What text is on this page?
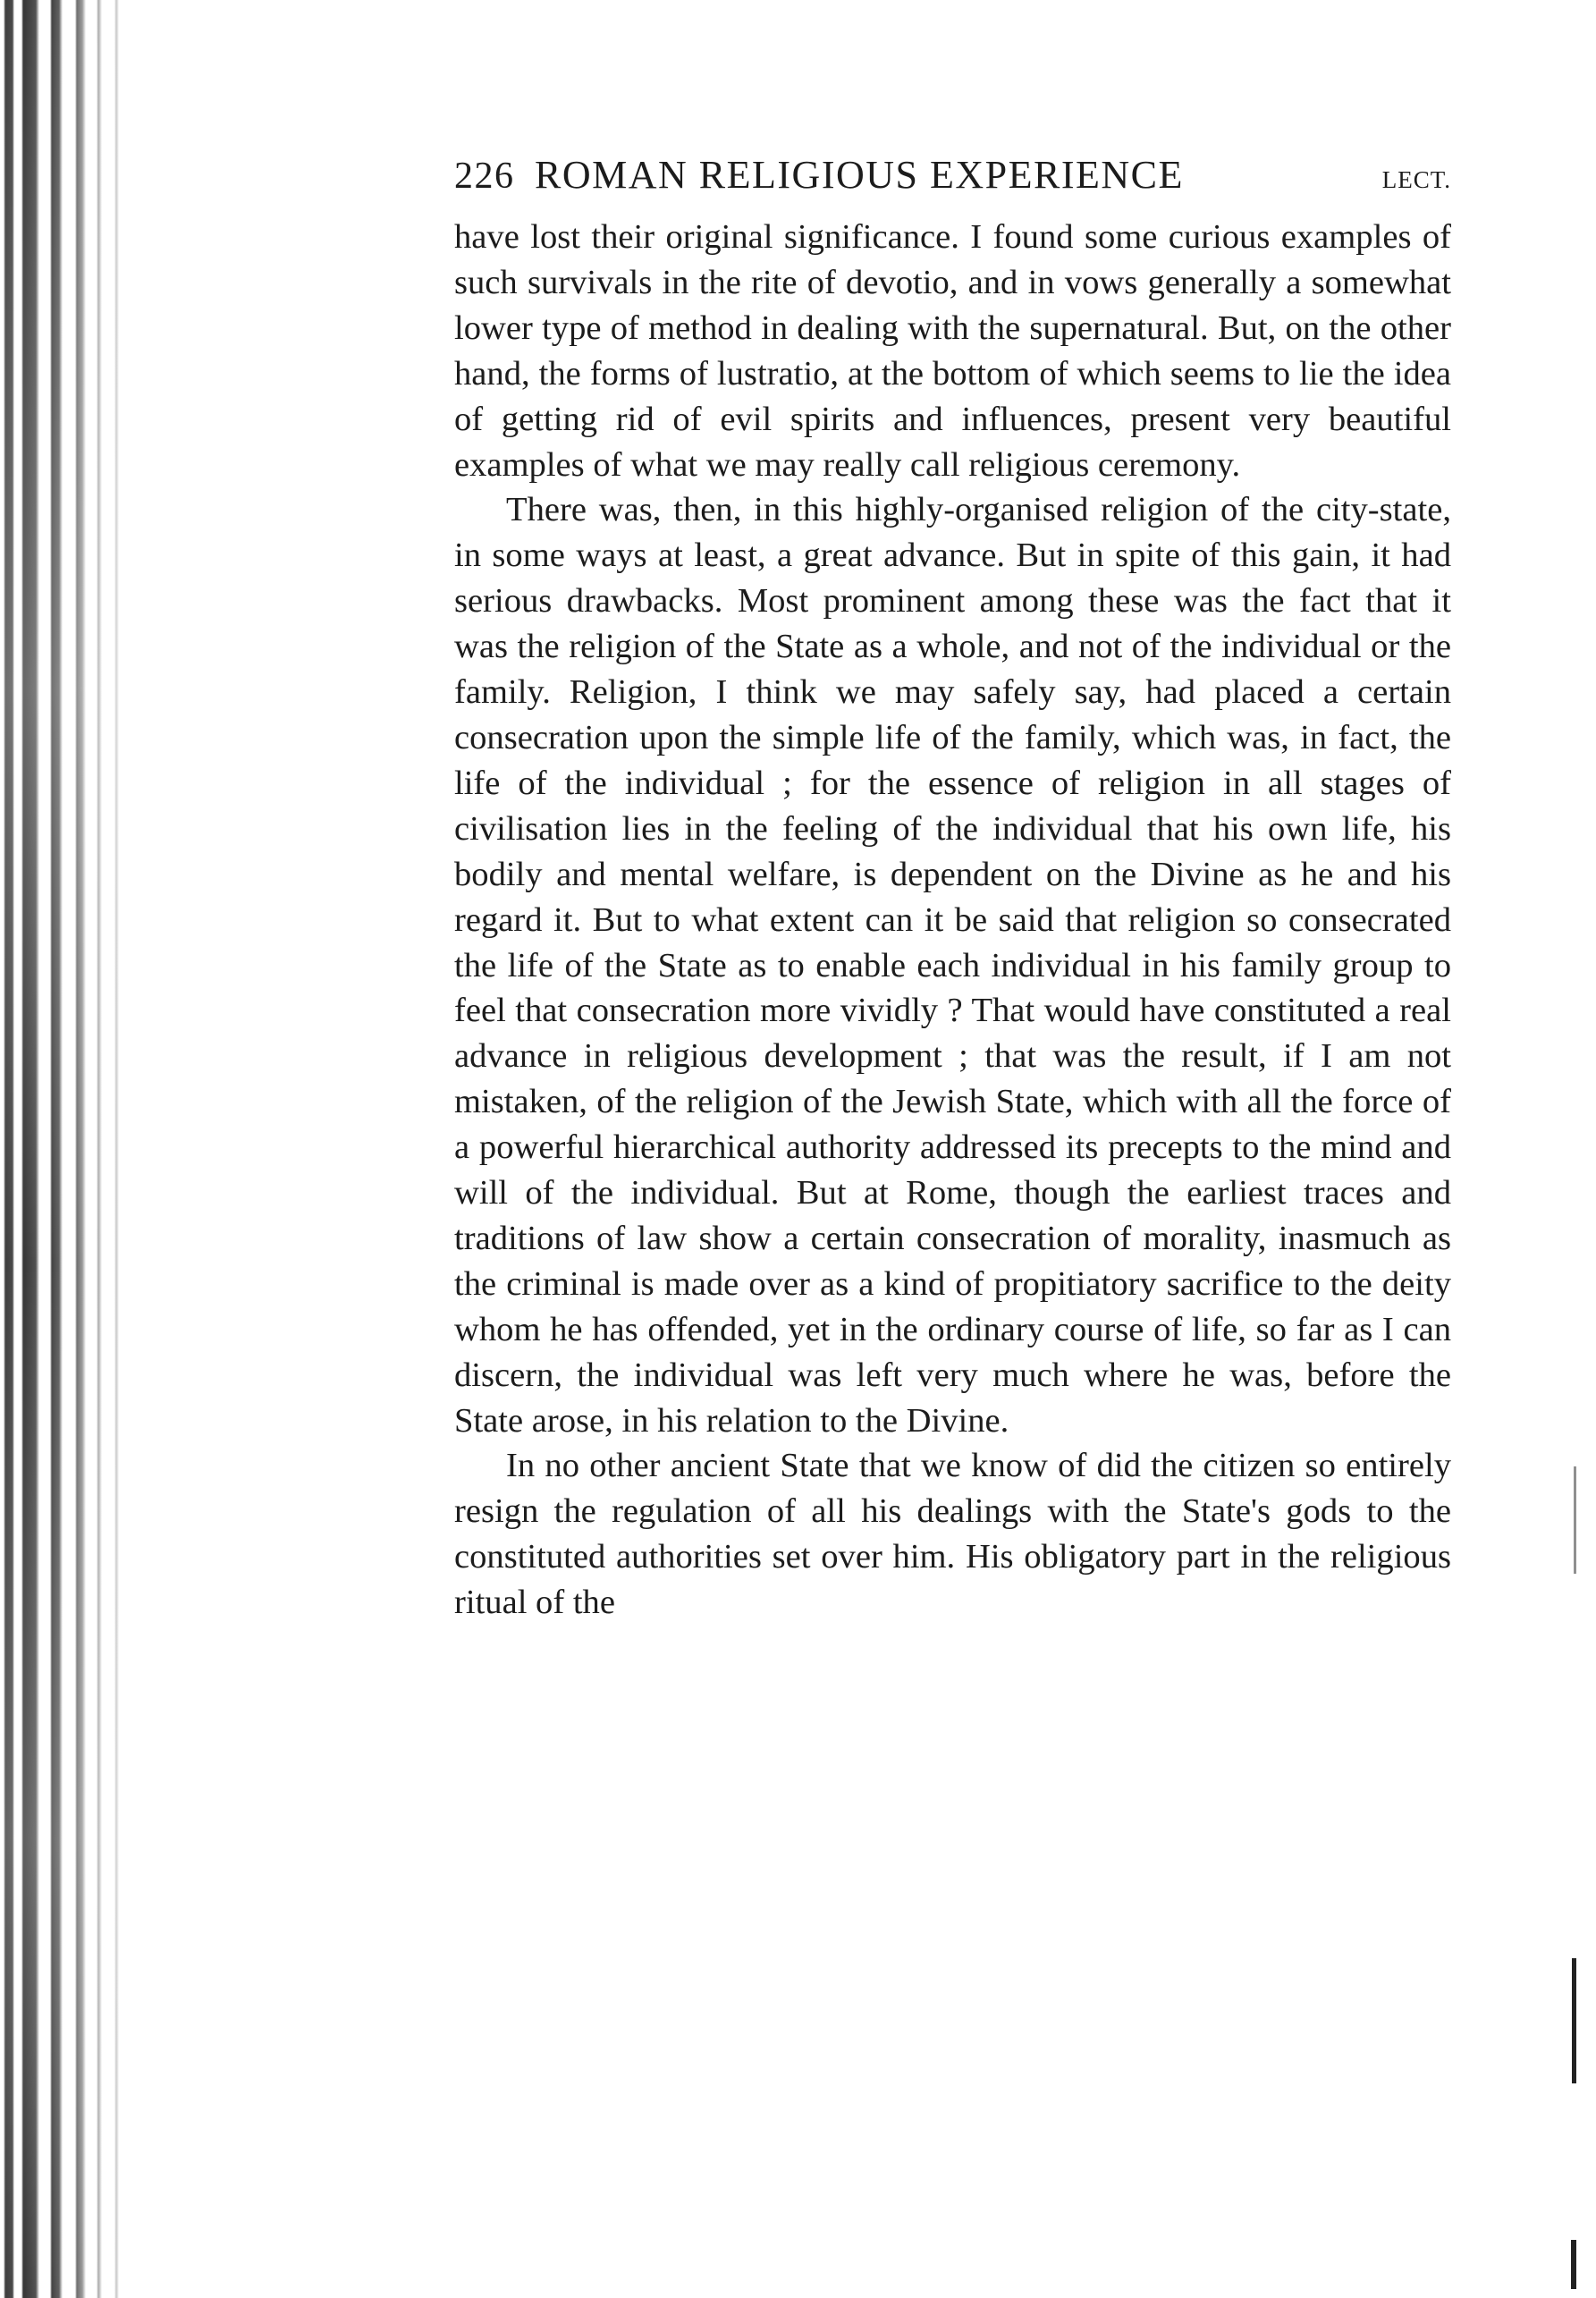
226 ROMAN RELIGIOUS EXPERIENCE	LECT.

have lost their original significance. I found some curious examples of such survivals in the rite of devotio, and in vows generally a somewhat lower type of method in dealing with the supernatural. But, on the other hand, the forms of lustratio, at the bottom of which seems to lie the idea of getting rid of evil spirits and influences, present very beautiful examples of what we may really call religious ceremony.

There was, then, in this highly-organised religion of the city-state, in some ways at least, a great advance. But in spite of this gain, it had serious drawbacks. Most prominent among these was the fact that it was the religion of the State as a whole, and not of the individual or the family. Religion, I think we may safely say, had placed a certain consecration upon the simple life of the family, which was, in fact, the life of the individual ; for the essence of religion in all stages of civilisation lies in the feeling of the individual that his own life, his bodily and mental welfare, is dependent on the Divine as he and his regard it. But to what extent can it be said that religion so consecrated the life of the State as to enable each individual in his family group to feel that consecration more vividly ? That would have constituted a real advance in religious development ; that was the result, if I am not mistaken, of the religion of the Jewish State, which with all the force of a powerful hierarchical authority addressed its precepts to the mind and will of the individual. But at Rome, though the earliest traces and traditions of law show a certain consecration of morality, inasmuch as the criminal is made over as a kind of propitiatory sacrifice to the deity whom he has offended, yet in the ordinary course of life, so far as I can discern, the individual was left very much where he was, before the State arose, in his relation to the Divine.

In no other ancient State that we know of did the citizen so entirely resign the regulation of all his dealings with the State's gods to the constituted authorities set over him. His obligatory part in the religious ritual of the
